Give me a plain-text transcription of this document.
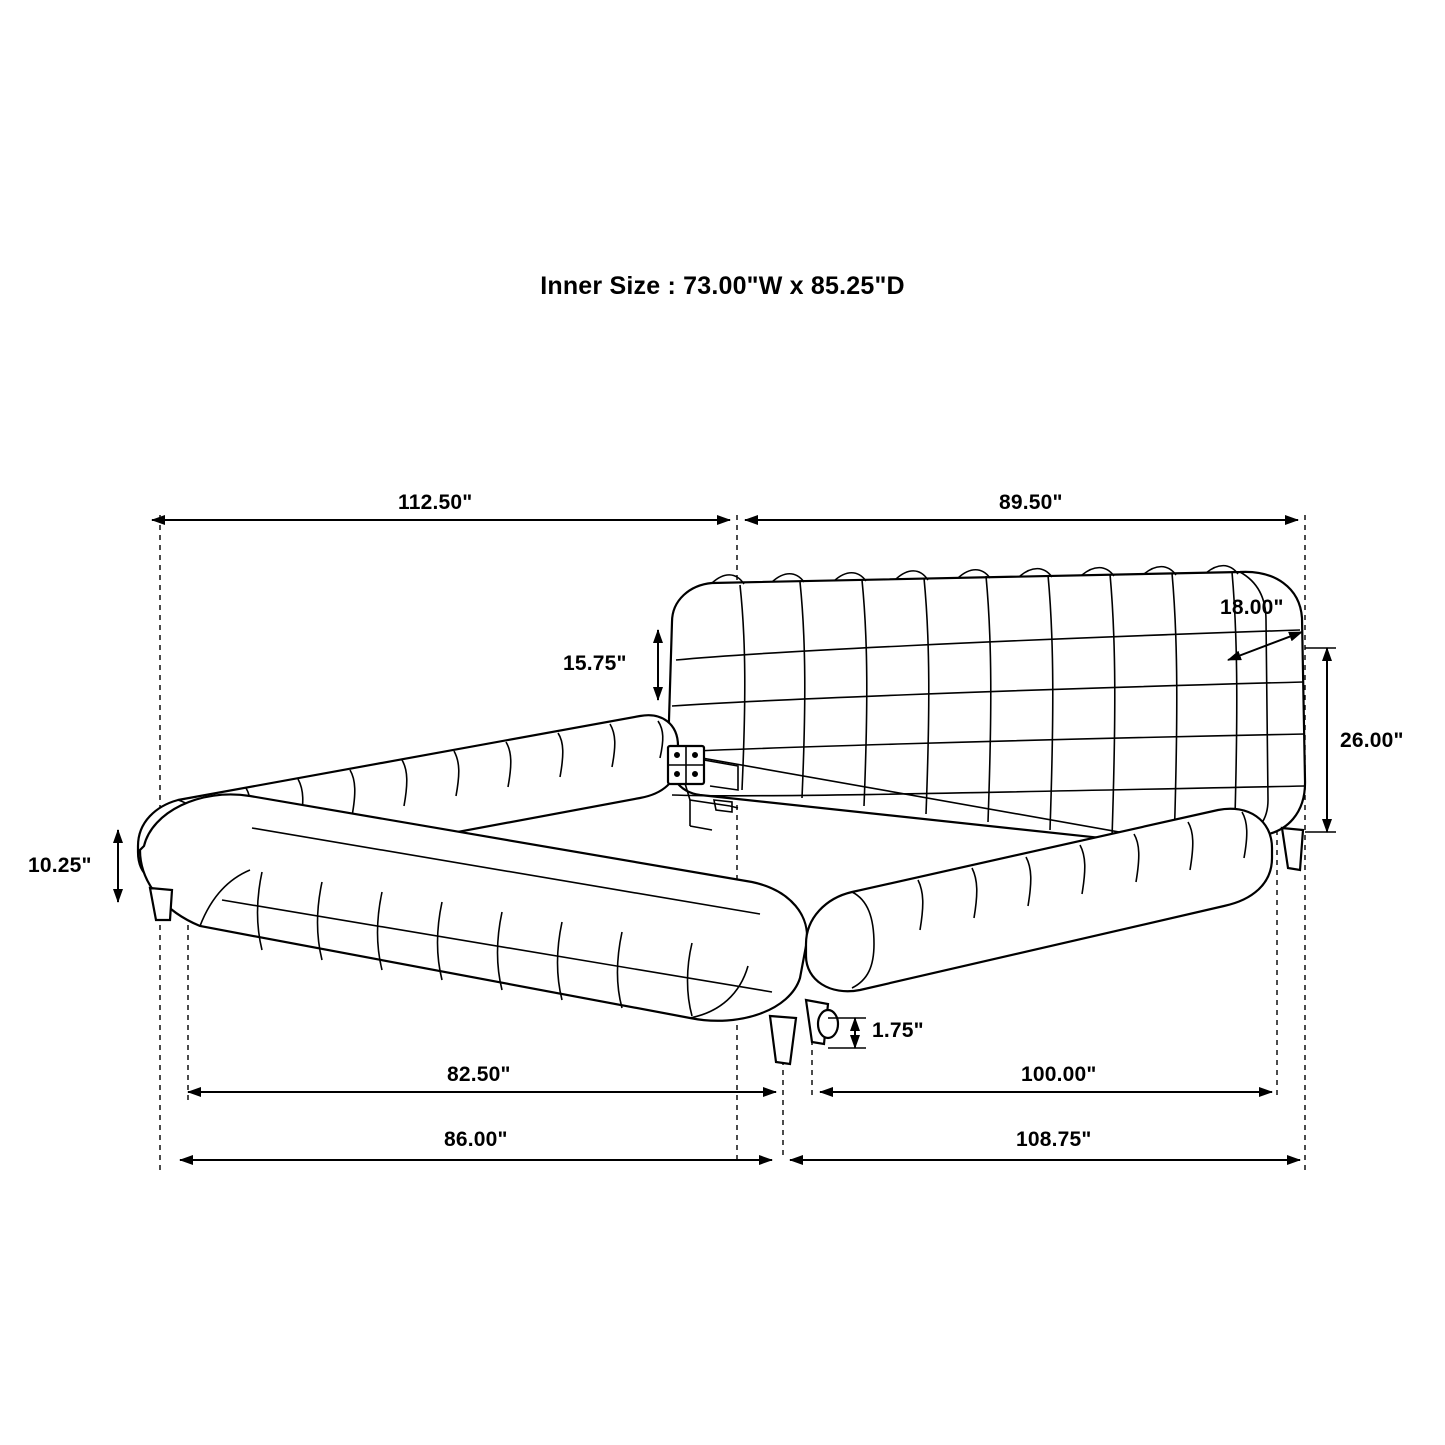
Inner Size : 73.00"W x 85.25"D
112.50"	89.50"
15.75"
18.00"
26.00"
10.25"
1.75"
82.50"	100.00"
86.00"	108.75"
